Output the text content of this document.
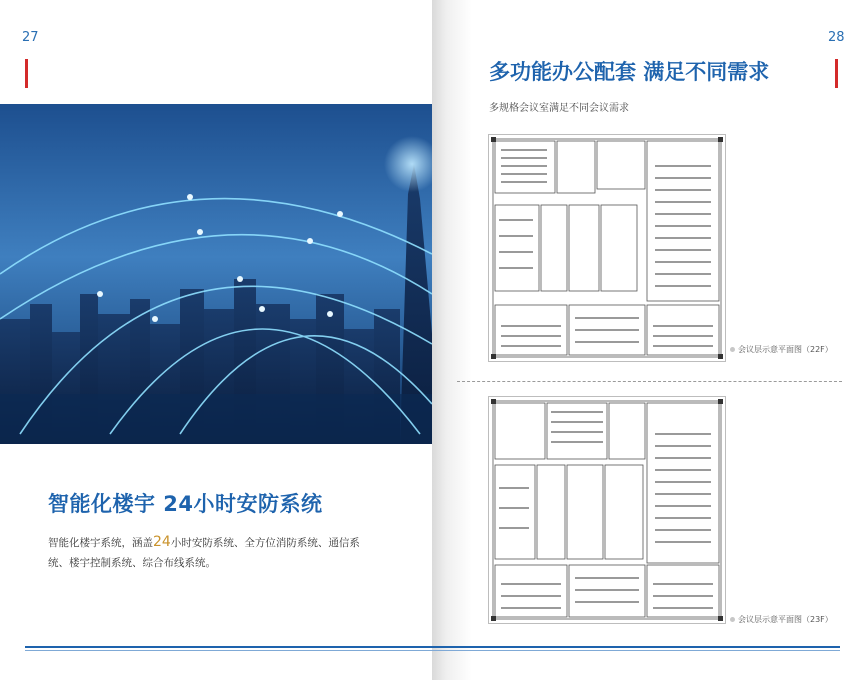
27
智能化楼宇 24小时安防系统
智能化楼宇系统，涵盖24小时安防系统、全方位消防系统、通信系统、楼宇控制系统、综合布线系统。
28
多功能办公配套 满足不同需求
多规格会议室满足不同会议需求
会议层示意平面图（22F）
会议层示意平面图（23F）
